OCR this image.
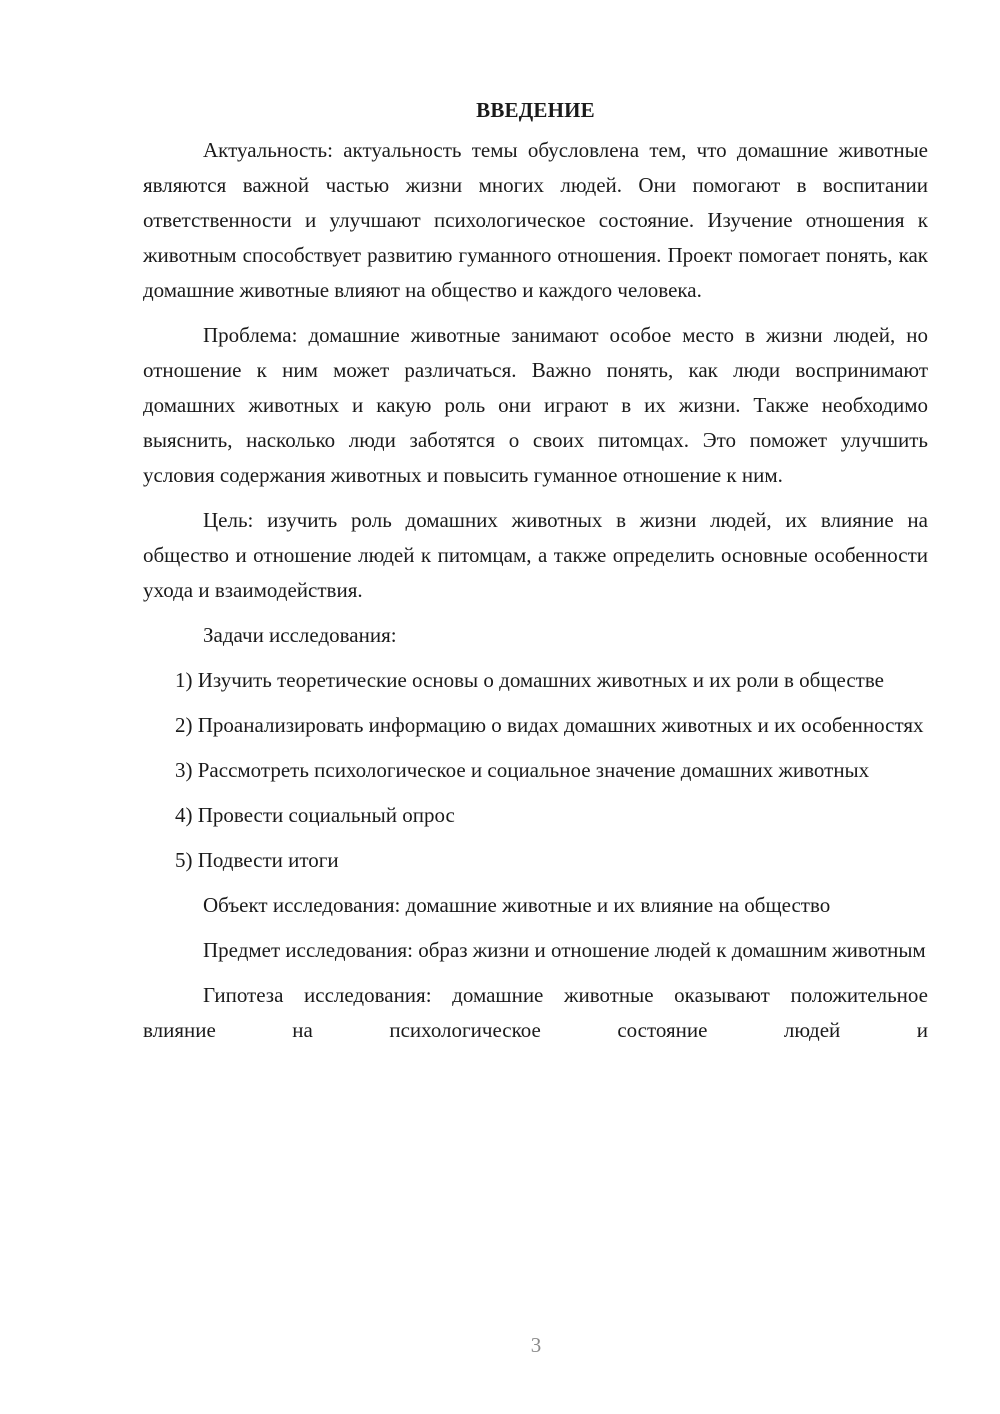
ВВЕДЕНИЕ

Актуальность: актуальность темы обусловлена тем, что домашние животные являются важной частью жизни многих людей. Они помогают в воспитании ответственности и улучшают психологическое состояние. Изучение отношения к животным способствует развитию гуманного отношения. Проект помогает понять, как домашние животные влияют на общество и каждого человека.

Проблема: домашние животные занимают особое место в жизни людей, но отношение к ним может различаться. Важно понять, как люди воспринимают домашних животных и какую роль они играют в их жизни. Также необходимо выяснить, насколько люди заботятся о своих питомцах. Это поможет улучшить условия содержания животных и повысить гуманное отношение к ним.

Цель: изучить роль домашних животных в жизни людей, их влияние на общество и отношение людей к питомцам, а также определить основные особенности ухода и взаимодействия.

Задачи исследования:

1) Изучить теоретические основы о домашних животных и их роли в обществе

2) Проанализировать информацию о видах домашних животных и их особенностях

3) Рассмотреть психологическое и социальное значение домашних животных

4) Провести социальный опрос

5) Подвести итоги

Объект исследования: домашние животные и их влияние на общество

Предмет исследования: образ жизни и отношение людей к домашним животным

Гипотеза исследования: домашние животные оказывают положительное влияние на психологическое состояние людей и

3
